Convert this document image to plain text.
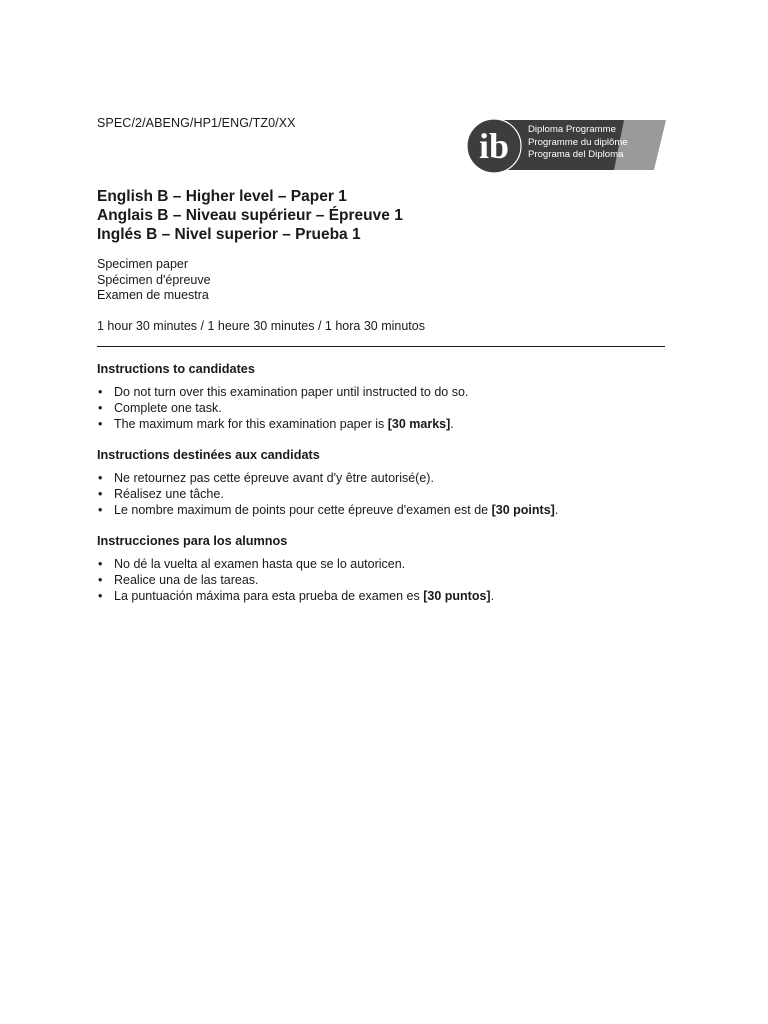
SPEC/2/ABENG/HP1/ENG/TZ0/XX
ib Diploma Programme
Programme du diplôme
Programa del Diploma
English B – Higher level – Paper 1
Anglais B – Niveau supérieur – Épreuve 1
Inglés B – Nivel superior – Prueba 1
Specimen paper
Spécimen d'épreuve
Examen de muestra
1 hour 30 minutes / 1 heure 30 minutes / 1 hora 30 minutos
Instructions to candidates
• Do not turn over this examination paper until instructed to do so.
• Complete one task.
• The maximum mark for this examination paper is [30 marks].
Instructions destinées aux candidats
• Ne retournez pas cette épreuve avant d'y être autorisé(e).
• Réalisez une tâche.
• Le nombre maximum de points pour cette épreuve d'examen est de [30 points].
Instrucciones para los alumnos
• No dé la vuelta al examen hasta que se lo autoricen.
• Realice una de las tareas.
• La puntuación máxima para esta prueba de examen es [30 puntos].
